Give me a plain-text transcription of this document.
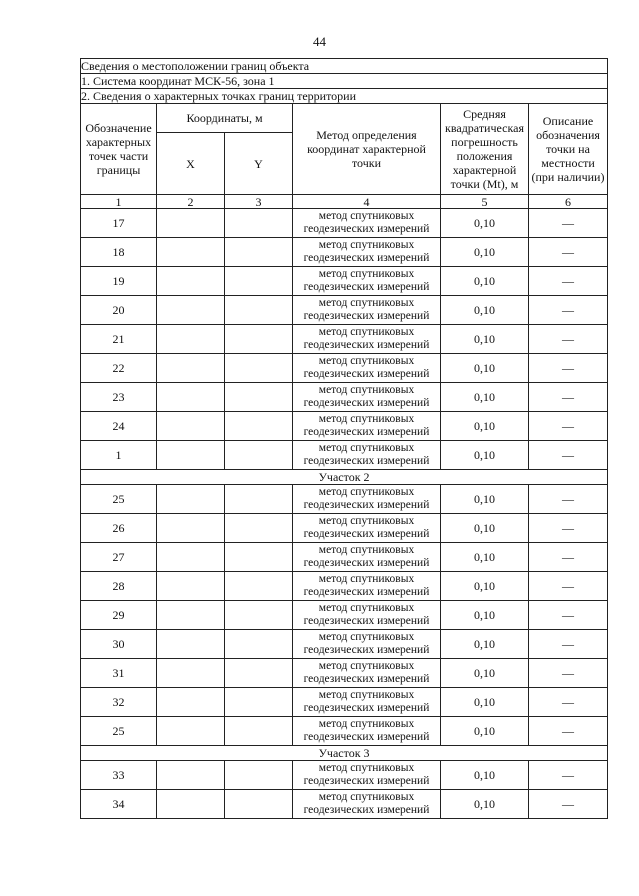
44
Сведения о местоположении границ объекта					
1. Система координат МСК-56, зона 1					
2. Сведения о характерных точках границ территории					
Обозначение характерных точек части границы	Координаты, м		Метод определения координат характерной точки	Средняя квадратическая погрешность положения характерной точки (Mt), м	Описание обозначения точки на местности (при наличии)
	X	Y			
1	2	3	4	5	6
17			метод спутниковых геодезических измерений	0,10	—
18			метод спутниковых геодезических измерений	0,10	—
19			метод спутниковых геодезических измерений	0,10	—
20			метод спутниковых геодезических измерений	0,10	—
21			метод спутниковых геодезических измерений	0,10	—
22			метод спутниковых геодезических измерений	0,10	—
23			метод спутниковых геодезических измерений	0,10	—
24			метод спутниковых геодезических измерений	0,10	—
1			метод спутниковых геодезических измерений	0,10	—
Участок 2					
25			метод спутниковых геодезических измерений	0,10	—
26			метод спутниковых геодезических измерений	0,10	—
27			метод спутниковых геодезических измерений	0,10	—
28			метод спутниковых геодезических измерений	0,10	—
29			метод спутниковых геодезических измерений	0,10	—
30			метод спутниковых геодезических измерений	0,10	—
31			метод спутниковых геодезических измерений	0,10	—
32			метод спутниковых геодезических измерений	0,10	—
25			метод спутниковых геодезических измерений	0,10	—
Участок 3					
33			метод спутниковых геодезических измерений	0,10	—
34			метод спутниковых геодезических измерений	0,10	—
